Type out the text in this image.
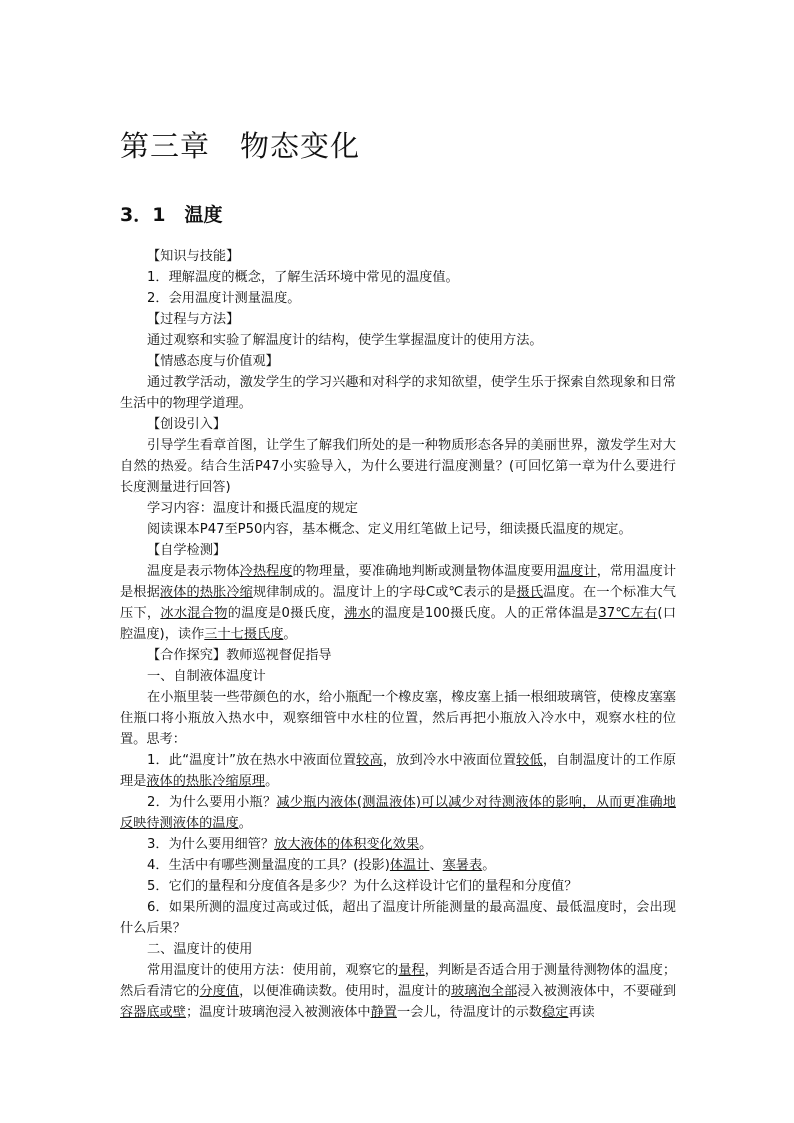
第三章　物态变化
3．1　温度

【知识与技能】

1．理解温度的概念，了解生活环境中常见的温度值。

2．会用温度计测量温度。

【过程与方法】

通过观察和实验了解温度计的结构，使学生掌握温度计的使用方法。

【情感态度与价值观】

通过教学活动，激发学生的学习兴趣和对科学的求知欲望，使学生乐于探索自然现象和日常生活中的物理学道理。

【创设引入】

引导学生看章首图，让学生了解我们所处的是一种物质形态各异的美丽世界，激发学生对大自然的热爱。结合生活P47小实验导入，为什么要进行温度测量？(可回忆第一章为什么要进行长度测量进行回答)

学习内容：温度计和摄氏温度的规定

阅读课本P47至P50内容，基本概念、定义用红笔做上记号，细读摄氏温度的规定。

【自学检测】

温度是表示物体冷热程度的物理量，要准确地判断或测量物体温度要用温度计，常用温度计是根据液体的热胀冷缩规律制成的。温度计上的字母C或℃表示的是摄氏温度。在一个标准大气压下，冰水混合物的温度是0摄氏度，沸水的温度是100摄氏度。人的正常体温是37℃左右(口腔温度)，读作三十七摄氏度。

【合作探究】教师巡视督促指导

一、自制液体温度计

在小瓶里装一些带颜色的水，给小瓶配一个橡皮塞，橡皮塞上插一根细玻璃管，使橡皮塞塞住瓶口将小瓶放入热水中，观察细管中水柱的位置，然后再把小瓶放入冷水中，观察水柱的位置。思考：

1．此“温度计”放在热水中液面位置较高，放到冷水中液面位置较低，自制温度计的工作原理是液体的热胀冷缩原理。

2．为什么要用小瓶？减少瓶内液体(测温液体)可以减少对待测液体的影响，从而更准确地反映待测液体的温度。

3．为什么要用细管？放大液体的体积变化效果。

4．生活中有哪些测量温度的工具？(投影)体温计、寒暑表。

5．它们的量程和分度值各是多少？为什么这样设计它们的量程和分度值？

6．如果所测的温度过高或过低，超出了温度计所能测量的最高温度、最低温度时，会出现什么后果？

二、温度计的使用

常用温度计的使用方法：使用前，观察它的量程，判断是否适合用于测量待测物体的温度；然后看清它的分度值，以便准确读数。使用时，温度计的玻璃泡全部浸入被测液体中，不要碰到容器底或壁；温度计玻璃泡浸入被测液体中静置一会儿，待温度计的示数稳定再读
